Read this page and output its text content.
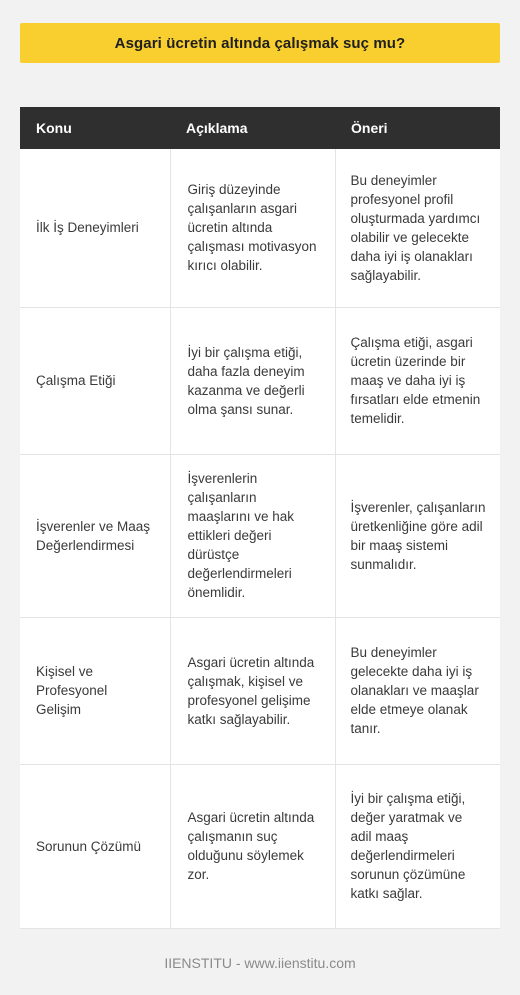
Asgari ücretin altında çalışmak suç mu?
Konu	Açıklama	Öneri
İlk İş Deneyimleri	Giriş düzeyinde çalışanların asgari ücretin altında çalışması motivasyon kırıcı olabilir.	Bu deneyimler profesyonel profil oluşturmada yardımcı olabilir ve gelecekte daha iyi iş olanakları sağlayabilir.
Çalışma Etiği	İyi bir çalışma etiği, daha fazla deneyim kazanma ve değerli olma şansı sunar.	Çalışma etiği, asgari ücretin üzerinde bir maaş ve daha iyi iş fırsatları elde etmenin temelidir.
İşverenler ve Maaş Değerlendirmesi	İşverenlerin çalışanların maaşlarını ve hak ettikleri değeri dürüstçe değerlendirmeleri önemlidir.	İşverenler, çalışanların üretkenliğine göre adil bir maaş sistemi sunmalıdır.
Kişisel ve Profesyonel Gelişim	Asgari ücretin altında çalışmak, kişisel ve profesyonel gelişime katkı sağlayabilir.	Bu deneyimler gelecekte daha iyi iş olanakları ve maaşlar elde etmeye olanak tanır.
Sorunun Çözümü	Asgari ücretin altında çalışmanın suç olduğunu söylemek zor.	İyi bir çalışma etiği, değer yaratmak ve adil maaş değerlendirmeleri sorunun çözümüne katkı sağlar.
IIENSTITU - www.iienstitu.com
